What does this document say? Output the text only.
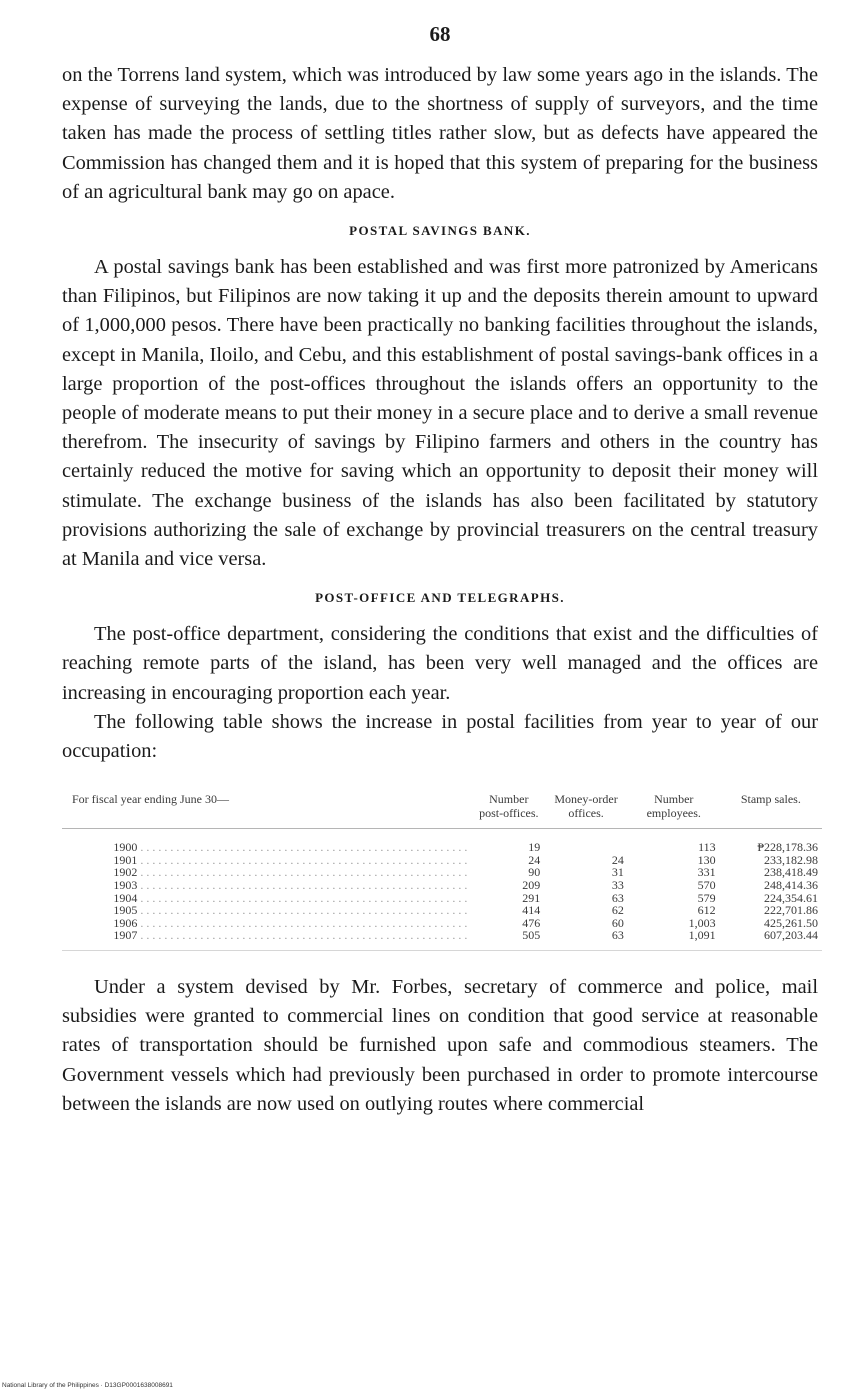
68

on the Torrens land system, which was introduced by law some years ago in the islands. The expense of surveying the lands, due to the shortness of supply of surveyors, and the time taken has made the process of settling titles rather slow, but as defects have appeared the Commission has changed them and it is hoped that this system of preparing for the business of an agricultural bank may go on apace.

POSTAL SAVINGS BANK.

A postal savings bank has been established and was first more patronized by Americans than Filipinos, but Filipinos are now taking it up and the deposits therein amount to upward of 1,000,000 pesos. There have been practically no banking facilities throughout the islands, except in Manila, Iloilo, and Cebu, and this establishment of postal savings-bank offices in a large proportion of the post-offices throughout the islands offers an opportunity to the people of moderate means to put their money in a secure place and to derive a small revenue therefrom. The insecurity of savings by Filipino farmers and others in the country has certainly reduced the motive for saving which an opportunity to deposit their money will stimulate. The exchange business of the islands has also been facilitated by statutory provisions authorizing the sale of exchange by provincial treasurers on the central treasury at Manila and vice versa.

POST-OFFICE AND TELEGRAPHS.

The post-office department, considering the conditions that exist and the difficulties of reaching remote parts of the island, has been very well managed and the offices are increasing in encouraging proportion each year.

The following table shows the increase in postal facilities from year to year of our occupation:

For fiscal year ending June 30—	Number post-offices.	Money-order offices.	Number employees.	Stamp sales.
1900 . . .	19		113	₱228,178.36
1901 . . .	24	24	130	233,182.98
1902 . . .	90	31	331	238,418.49
1903 . . .	209	33	570	248,414.36
1904 . . .	291	63	579	224,354.61
1905 . . .	414	62	612	222,701.86
1906 . . .	476	60	1,003	425,261.50
1907 . . .	505	63	1,091	607,203.44

Under a system devised by Mr. Forbes, secretary of commerce and police, mail subsidies were granted to commercial lines on condition that good service at reasonable rates of transportation should be furnished upon safe and commodious steamers. The Government vessels which had previously been purchased in order to promote intercourse between the islands are now used on outlying routes where commercial

National Library of the Philippines · D13GP0001638008691
